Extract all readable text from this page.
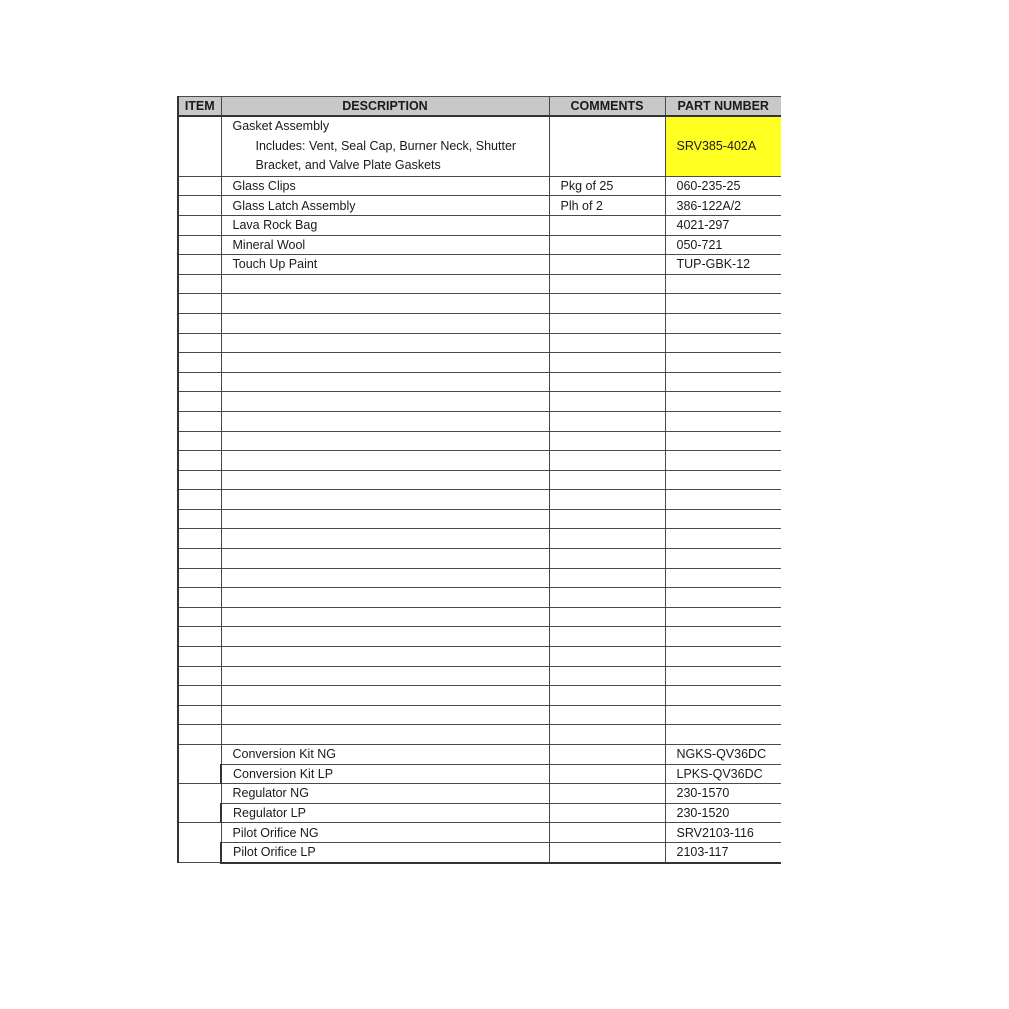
ITEM	DESCRIPTION	COMMENTS	PART NUMBER

	Gasket Assembly
Includes: Vent, Seal Cap, Burner Neck, Shutter
Bracket, and Valve Plate Gaskets		SRV385-402A
	Glass Clips	Pkg of 25	060-235-25
	Glass Latch Assembly	Plh of 2	386-122A/2
	Lava Rock Bag		4021-297
	Mineral Wool		050-721
	Touch Up Paint		TUP-GBK-12

	Conversion Kit NG		NGKS-QV36DC
	Conversion Kit LP		LPKS-QV36DC
	Regulator NG		230-1570
	Regulator LP		230-1520
	Pilot Orifice NG		SRV2103-116
	Pilot Orifice LP		2103-117
